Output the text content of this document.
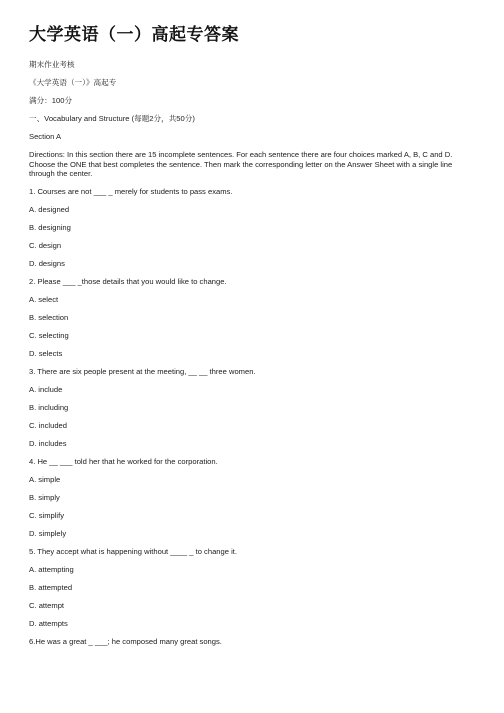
大学英语（一）高起专答案
期末作业考核
《大学英语（一）》高起专
满分：100分
一、Vocabulary and Structure (每题2分，共50分)
Section A
Directions: In this section there are 15 incomplete sentences. For each sentence there are four choices marked A, B, C and D. Choose the ONE that best completes the sentence. Then mark the corresponding letter on the Answer Sheet with a single line through the center.
1. Courses are not ___ _ merely for students to pass exams.
A. designed
B. designing
C. design
D. designs
2. Please ___ _those details that you would like to change.
A. select
B. selection
C. selecting
D. selects
3. There are six people present at the meeting, __ __ three women.
A. include
B. including
C. included
D. includes
4. He __ ___ told her that he worked for the corporation.
A. simple
B. simply
C. simplify
D. simplely
5. They accept what is happening without ____ _ to change it.
A. attempting
B. attempted
C. attempt
D. attempts
6.He was a great _ ___; he composed many great songs.
